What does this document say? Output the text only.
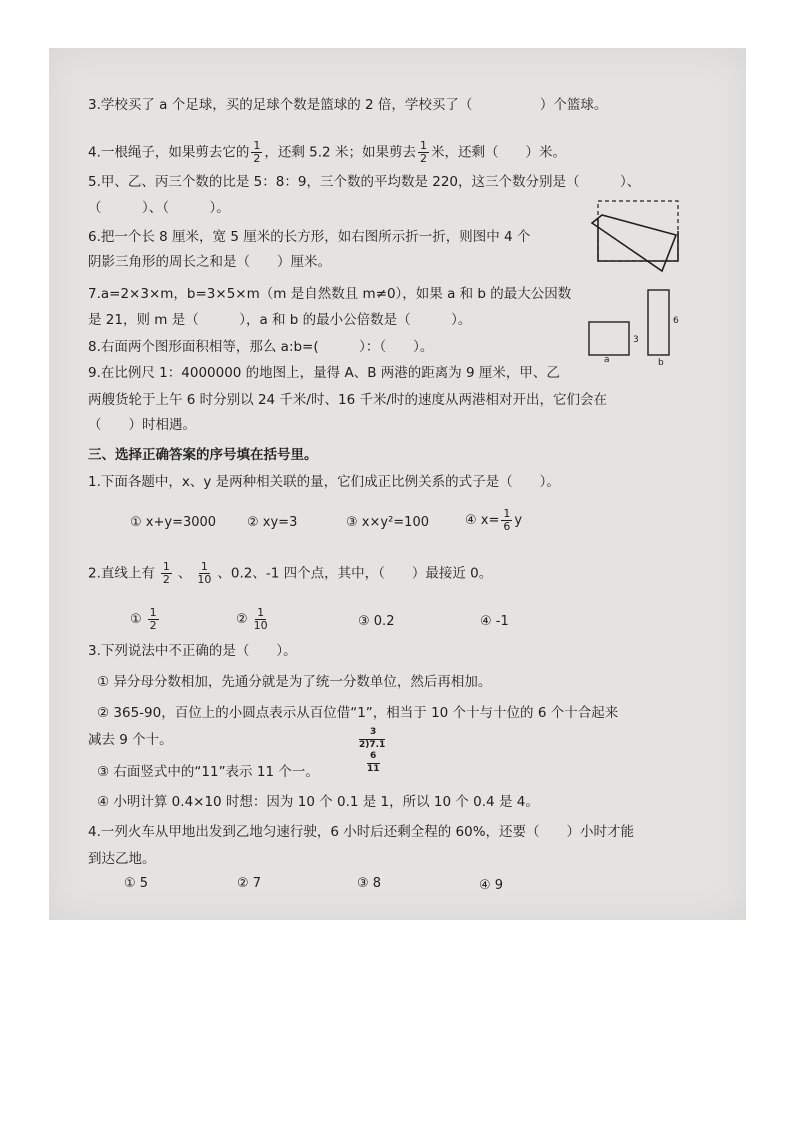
3.学校买了 a 个足球，买的足球个数是篮球的 2 倍，学校买了（　　　　　）个篮球。
4.一根绳子，如果剪去它的 $\frac{1}{2}$ ，还剩 5.2 米；如果剪去 $\frac{1}{2}$ 米，还剩（　　）米。
5.甲、乙、丙三个数的比是 5：8：9，三个数的平均数是 220，这三个数分别是（　　　）、
（　　　）、（　　　）。
6.把一个长 8 厘米，宽 5 厘米的长方形，如右图所示折一折，则图中 4 个
阴影三角形的周长之和是（　　）厘米。
7.a=2×3×m，b=3×5×m（m 是自然数且 m≠0），如果 a 和 b 的最大公因数
是 21，则 m 是（　　　），a 和 b 的最小公倍数是（　　　）。
8.右面两个图形面积相等，那么 a:b=(　　　）：（　　）。
9.在比例尺 1：4000000 的地图上，量得 A、B 两港的距离为 9 厘米，甲、乙
两艘货轮于上午 6 时分别以 24 千米/时、16 千米/时的速度从两港相对开出，它们会在
（　　）时相遇。
a
3
6
b
三、选择正确答案的序号填在括号里。
1.下面各题中，x、y 是两种相关联的量，它们成正比例关系的式子是（　　）。
① x+y=3000 ② xy=3	③ x×y²=100	④ $x= \frac{1}{6}$ y
2.直线上有 $\frac{1}{2}$ 、 $\frac{1}{10}$ 、0.2、-1 四个点，其中，（　　）最接近 0。
① $\frac{1}{2}$	② $\frac{1}{10}$	③ 0.2	④ -1
3.下列说法中不正确的是（　　）。
① 异分母分数相加，先通分就是为了统一分数单位，然后再相加。
② 365-90，百位上的小圆点表示从百位借“1”，相当于 10 个十与十位的 6 个十合起来
减去 9 个十。
③ 右面竖式中的“11”表示 11 个一。
3
2)7.1
6
11
④ 小明计算 0.4×10 时想：因为 10 个 0.1 是 1，所以 10 个 0.4 是 4。
4.一列火车从甲地出发到乙地匀速行驶，6 小时后还剩全程的 60%，还要（　　）小时才能
到达乙地。
① 5	② 7	③ 8	④ 9
